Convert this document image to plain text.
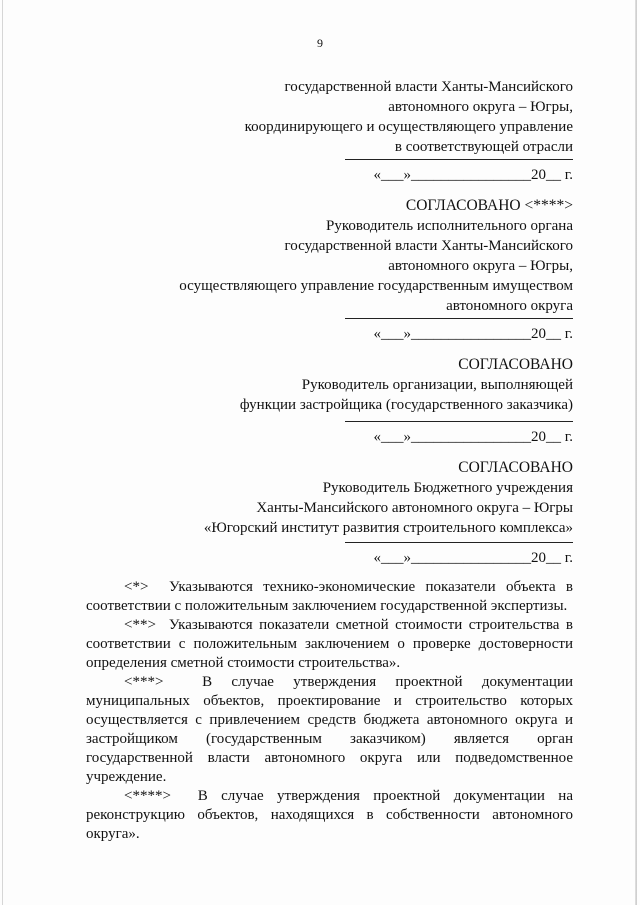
9
государственной власти Ханты-Мансийского
автономного округа – Югры,
координирующего и осуществляющего управление
в соответствующей отрасли
«___»________________20__ г.
СОГЛАСОВАНО <****>
Руководитель исполнительного органа
государственной власти Ханты-Мансийского
автономного округа – Югры,
осуществляющего управление государственным имуществом
автономного округа
«___»________________20__ г.
СОГЛАСОВАНО
Руководитель организации, выполняющей
функции застройщика (государственного заказчика)
«___»________________20__ г.
СОГЛАСОВАНО
Руководитель Бюджетного учреждения
Ханты-Мансийского автономного округа – Югры
«Югорский институт развития строительного комплекса»
«___»________________20__ г.

<*> Указываются технико-экономические показатели объекта в соответствии с положительным заключением государственной экспертизы.

<**> Указываются показатели сметной стоимости строительства в соответствии с положительным заключением о проверке достоверности определения сметной стоимости строительства».

<***>	В случае утверждения проектной документации муниципальных объектов, проектирование и строительство которых осуществляется с привлечением средств бюджета автономного округа и застройщиком (государственным заказчиком) является орган государственной власти автономного округа или подведомственное учреждение.

<****> В случае утверждения проектной документации на реконструкцию объектов, находящихся в собственности автономного округа».
